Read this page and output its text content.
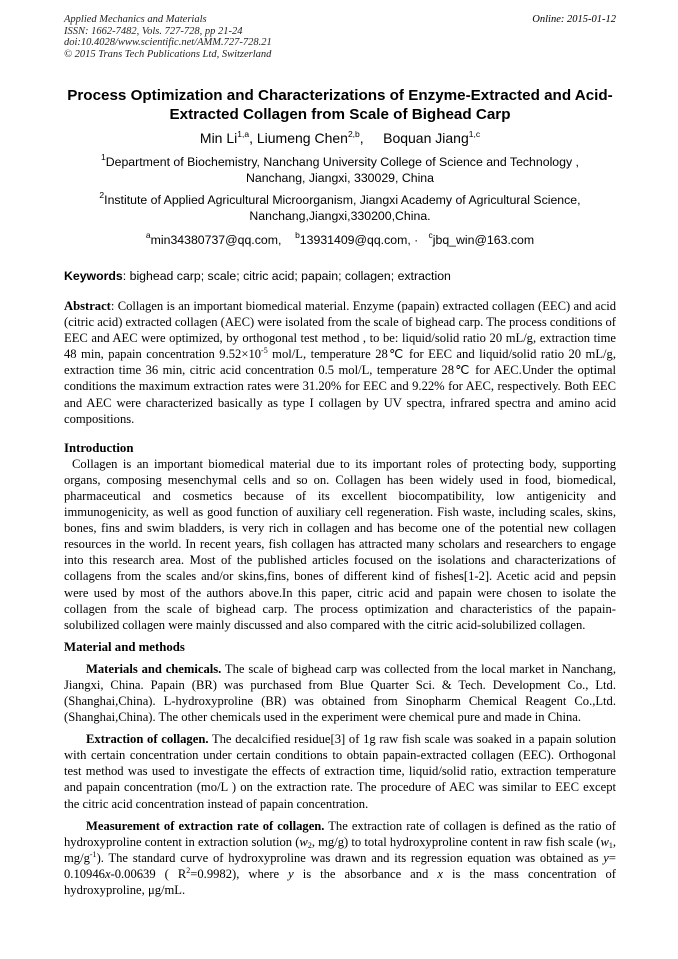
Applied Mechanics and Materials
ISSN: 1662-7482, Vols. 727-728, pp 21-24
doi:10.4028/www.scientific.net/AMM.727-728.21
© 2015 Trans Tech Publications Ltd, Switzerland
Online: 2015-01-12
Process Optimization and Characterizations of Enzyme-Extracted and Acid-Extracted Collagen from Scale of Bighead Carp
Min Li$^{1,a}$, Liumeng Chen$^{2,b}$,     Boquan Jiang$^{1,c}$
$^1$Department of Biochemistry, Nanchang University College of Science and Technology , Nanchang, Jiangxi, 330029, China
$^2$Institute of Applied Agricultural Microorganism, Jiangxi Academy of Agricultural Science, Nanchang,Jiangxi,330200,China.
$^a$min34380737@qq.com, $^b$13931409@qq.com, · $^c$jbq_win@163.com
Keywords: bighead carp; scale; citric acid; papain; collagen; extraction

Abstract: Collagen is an important biomedical material. Enzyme (papain) extracted collagen (EEC) and acid (citric acid) extracted collagen (AEC) were isolated from the scale of bighead carp. The process conditions of EEC and AEC were optimized, by orthogonal test method , to be: liquid/solid ratio 20 mL/g, extraction time 48 min, papain concentration $9.52\times 10^{-5}$ mol/L, temperature 28℃ for EEC and liquid/solid ratio 20 mL/g, extraction time 36 min, citric acid concentration 0.5 mol/L, temperature 28℃ for AEC.Under the optimal conditions the maximum extraction rates were 31.20% for EEC and 9.22% for AEC, respectively. Both EEC and AEC were characterized basically as type I collagen by UV spectra, infrared spectra and amino acid compositions.

Introduction

Collagen is an important biomedical material due to its important roles of protecting body, supporting organs, composing mesenchymal cells and so on. Collagen has been widely used in food, biomedical, pharmaceutical and cosmetics because of its excellent biocompatibility, low antigenicity and immunogenicity, as well as good function of auxiliary cell regeneration. Fish waste, including scales, skins, bones, fins and swim bladders, is very rich in collagen and has become one of the potential new collagen resources in the world. In recent years, fish collagen has attracted many scholars and researchers to engage into this research area. Most of the published articles focused on the isolations and characterizations of collagens from the scales and/or skins,fins, bones of different kind of fishes[1-2]. Acetic acid and pepsin were used by most of the authors above.In this paper, citric acid and papain were chosen to isolate the collagen from the scale of bighead carp. The process optimization and characteristics of the papain-solubilized collagen were mainly discussed and also compared with the citric acid-solubilized collagen.

Material and methods

Materials and chemicals. The scale of bighead carp was collected from the local market in Nanchang, Jiangxi, China. Papain (BR) was purchased from Blue Quarter Sci. & Tech. Development Co., Ltd.(Shanghai,China). L-hydroxyproline (BR) was obtained from Sinopharm Chemical Reagent Co.,Ltd.(Shanghai,China). The other chemicals used in the experiment were chemical pure and made in China.

Extraction of collagen. The decalcified residue[3] of 1g raw fish scale was soaked in a papain solution with certain concentration under certain conditions to obtain papain-extracted collagen (EEC). Orthogonal test method was used to investigate the effects of extraction time, liquid/solid ratio, extraction temperature and papain concentration (mo/L ) on the extraction rate. The procedure of AEC was similar to EEC except the citric acid concentration instead of papain concentration.

Measurement of extraction rate of collagen. The extraction rate of collagen is defined as the ratio of hydroxyproline content in extraction solution ($w_2$, mg/g) to total hydroxyproline content in raw fish scale ($w_1$, $mg/g^{-1}$). The standard curve of hydroxyproline was drawn and its regression equation was obtained as y= 0.10946x-0.00639 ( $R^2=0.9982$), where y is the absorbance and x is the mass concentration of hydroxyproline, μg/mL.
